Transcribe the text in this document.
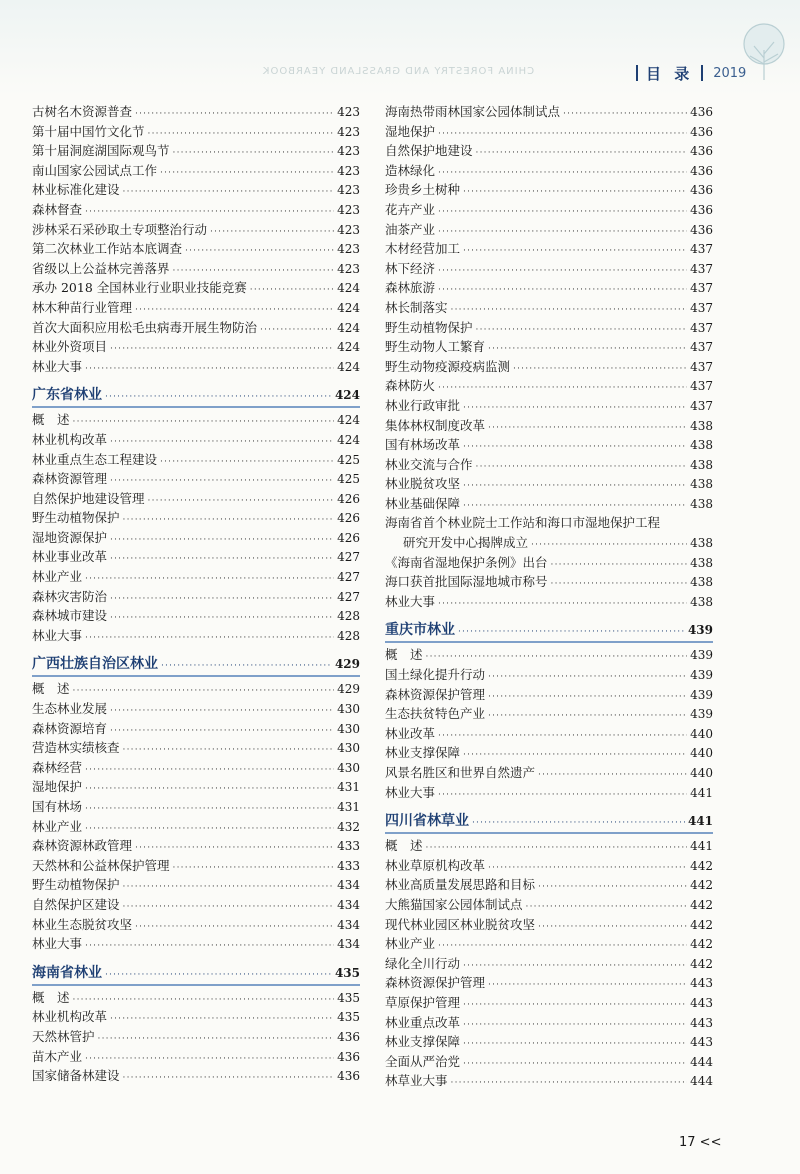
CHINA FORESTRY AND GRASSLAND YEARBOOK	目 录 2019
古树名木资源普查 ·····	423
第十届中国竹文化节 ·····	423
第十届洞庭湖国际观鸟节 ·····	423
南山国家公园试点工作 ·····	423
林业标准化建设 ·····	423
森林督查 ·····	423
涉林采石采砂取土专项整治行动 ·····	423
第二次林业工作站本底调查 ·····	423
省级以上公益林完善落界 ·····	423
承办 2018 全国林业行业职业技能竞赛 ·····	424
林木种苗行业管理 ·····	424
首次大面积应用松毛虫病毒开展生物防治 ·····	424
林业外资项目 ·····	424
林业大事 ·····	424
广东省林业 ·····	424
概　述 ·····	424
林业机构改革 ·····	424
林业重点生态工程建设 ·····	425
森林资源管理 ·····	425
自然保护地建设管理 ·····	426
野生动植物保护 ·····	426
湿地资源保护 ·····	426
林业事业改革 ·····	427
林业产业 ·····	427
森林灾害防治 ·····	427
森林城市建设 ·····	428
林业大事 ·····	428
广西壮族自治区林业 ·····	429
概　述 ·····	429
生态林业发展 ·····	430
森林资源培育 ·····	430
营造林实绩核查 ·····	430
森林经营 ·····	430
湿地保护 ·····	431
国有林场 ·····	431
林业产业 ·····	432
森林资源林政管理 ·····	433
天然林和公益林保护管理 ·····	433
野生动植物保护 ·····	434
自然保护区建设 ·····	434
林业生态脱贫攻坚 ·····	434
林业大事 ·····	434
海南省林业 ·····	435
概　述 ·····	435
林业机构改革 ·····	435
天然林管护 ·····	436
苗木产业 ·····	436
国家储备林建设 ·····	436
海南热带雨林国家公园体制试点 ·····	436
湿地保护 ·····	436
自然保护地建设 ·····	436
造林绿化 ·····	436
珍贵乡土树种 ·····	436
花卉产业 ·····	436
油茶产业 ·····	436
木材经营加工 ·····	437
林下经济 ·····	437
森林旅游 ·····	437
林长制落实 ·····	437
野生动植物保护 ·····	437
野生动物人工繁育 ·····	437
野生动物疫源疫病监测 ·····	437
森林防火 ·····	437
林业行政审批 ·····	437
集体林权制度改革 ·····	438
国有林场改革 ·····	438
林业交流与合作 ·····	438
林业脱贫攻坚 ·····	438
林业基础保障 ·····	438
海南省首个林业院士工作站和海口市湿地保护工程
研究开发中心揭牌成立 ·····	438
《海南省湿地保护条例》出台 ·····	438
海口获首批国际湿地城市称号 ·····	438
林业大事 ·····	438
重庆市林业 ·····	439
概　述 ·····	439
国土绿化提升行动 ·····	439
森林资源保护管理 ·····	439
生态扶贫特色产业 ·····	439
林业改革 ·····	440
林业支撑保障 ·····	440
风景名胜区和世界自然遗产 ·····	440
林业大事 ·····	441
四川省林草业 ·····	441
概　述 ·····	441
林业草原机构改革 ·····	442
林业高质量发展思路和目标 ·····	442
大熊猫国家公园体制试点 ·····	442
现代林业园区林业脱贫攻坚 ·····	442
林业产业 ·····	442
绿化全川行动 ·····	442
森林资源保护管理 ·····	443
草原保护管理 ·····	443
林业重点改革 ·····	443
林业支撑保障 ·····	443
全面从严治党 ·····	444
林草业大事 ·····	444
17 <<
